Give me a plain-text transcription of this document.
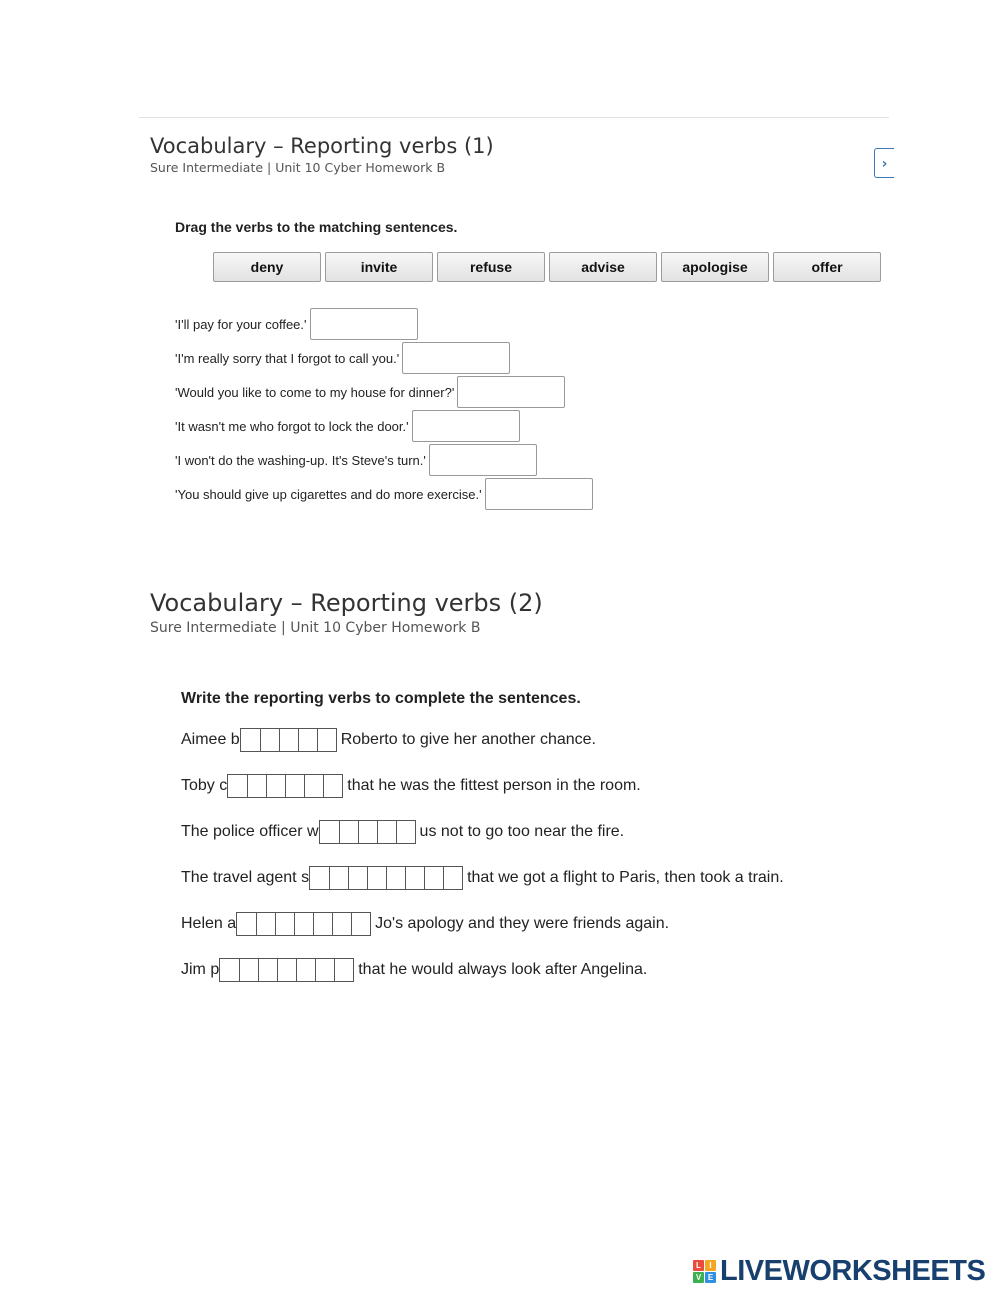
Vocabulary – Reporting verbs (1)
Sure Intermediate | Unit 10 Cyber Homework B	›
Drag the verbs to the matching sentences.
deny	invite	refuse	advise	apologise	offer
'I'll pay for your coffee.'
'I'm really sorry that I forgot to call you.'
'Would you like to come to my house for dinner?'
'It wasn't me who forgot to lock the door.'
'I won't do the washing-up. It's Steve's turn.'
'You should give up cigarettes and do more exercise.'
Vocabulary – Reporting verbs (2)
Sure Intermediate | Unit 10 Cyber Homework B
Write the reporting verbs to complete the sentences.
Aimee b	Roberto to give her another chance.
Toby c	that he was the fittest person in the room.
The police officer w	us not to go too near the fire.
The travel agent s	that we got a flight to Paris, then took a train.
Helen a	Jo's apology and they were friends again.
Jim p	that he would always look after Angelina.
L	I
V E LIVEWORKSHEETS
